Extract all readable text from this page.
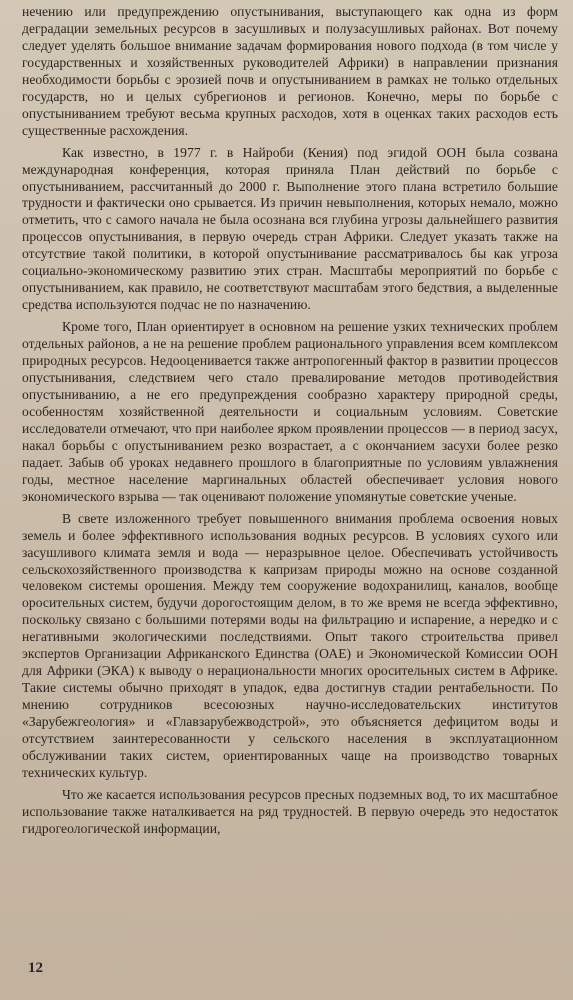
нечению или предупреждению опустынивания, выступающего как одна из форм деградации земельных ресурсов в засушливых и полузасушливых районах. Вот почему следует уделять большое внимание задачам формирования нового подхода (в том числе у государственных и хозяйственных руководителей Африки) в направлении признания необходимости борьбы с эрозией почв и опустыниванием в рамках не только отдельных государств, но и целых субрегионов и регионов. Конечно, меры по борьбе с опустыниванием требуют весьма крупных расходов, хотя в оценках таких расходов есть существенные расхождения.

Как известно, в 1977 г. в Найроби (Кения) под эгидой ООН была созвана международная конференция, которая приняла План действий по борьбе с опустыниванием, рассчитанный до 2000 г. Выполнение этого плана встретило большие трудности и фактически оно срывается. Из причин невыполнения, которых немало, можно отметить, что с самого начала не была осознана вся глубина угрозы дальнейшего развития процессов опустынивания, в первую очередь стран Африки. Следует указать также на отсутствие такой политики, в которой опустынивание рассматривалось бы как угроза социально-экономическому развитию этих стран. Масштабы мероприятий по борьбе с опустыниванием, как правило, не соответствуют масштабам этого бедствия, а выделенные средства используются подчас не по назначению.

Кроме того, План ориентирует в основном на решение узких технических проблем отдельных районов, а не на решение проблем рационального управления всем комплексом природных ресурсов. Недооценивается также антропогенный фактор в развитии процессов опустынивания, следствием чего стало превалирование методов противодействия опустыниванию, а не его предупреждения сообразно характеру природной среды, особенностям хозяйственной деятельности и социальным условиям. Советские исследователи отмечают, что при наиболее ярком проявлении процессов — в период засух, накал борьбы с опустыниванием резко возрастает, а с окончанием засухи более резко падает. Забыв об уроках недавнего прошлого в благоприятные по условиям увлажнения годы, местное население маргинальных областей обеспечивает условия нового экономического взрыва — так оценивают положение упомянутые советские ученые.

В свете изложенного требует повышенного внимания проблема освоения новых земель и более эффективного использования водных ресурсов. В условиях сухого или засушливого климата земля и вода — неразрывное целое. Обеспечивать устойчивость сельскохозяйственного производства к капризам природы можно на основе созданной человеком системы орошения. Между тем сооружение водохранилищ, каналов, вообще оросительных систем, будучи дорогостоящим делом, в то же время не всегда эффективно, поскольку связано с большими потерями воды на фильтрацию и испарение, а нередко и с негативными экологическими последствиями. Опыт такого строительства привел экспертов Организации Африканского Единства (ОАЕ) и Экономической Комиссии ООН для Африки (ЭКА) к выводу о нерациональности многих оросительных систем в Африке. Такие системы обычно приходят в упадок, едва достигнув стадии рентабельности. По мнению сотрудников всесоюзных научно-исследовательских институтов «Зарубежгеология» и «Главзарубежводстрой», это объясняется дефицитом воды и отсутствием заинтересованности у сельского населения в эксплуатационном обслуживании таких систем, ориентированных чаще на производство товарных технических культур.

Что же касается использования ресурсов пресных подземных вод, то их масштабное использование также наталкивается на ряд трудностей. В первую очередь это недостаток гидрогеологической информации,

12
